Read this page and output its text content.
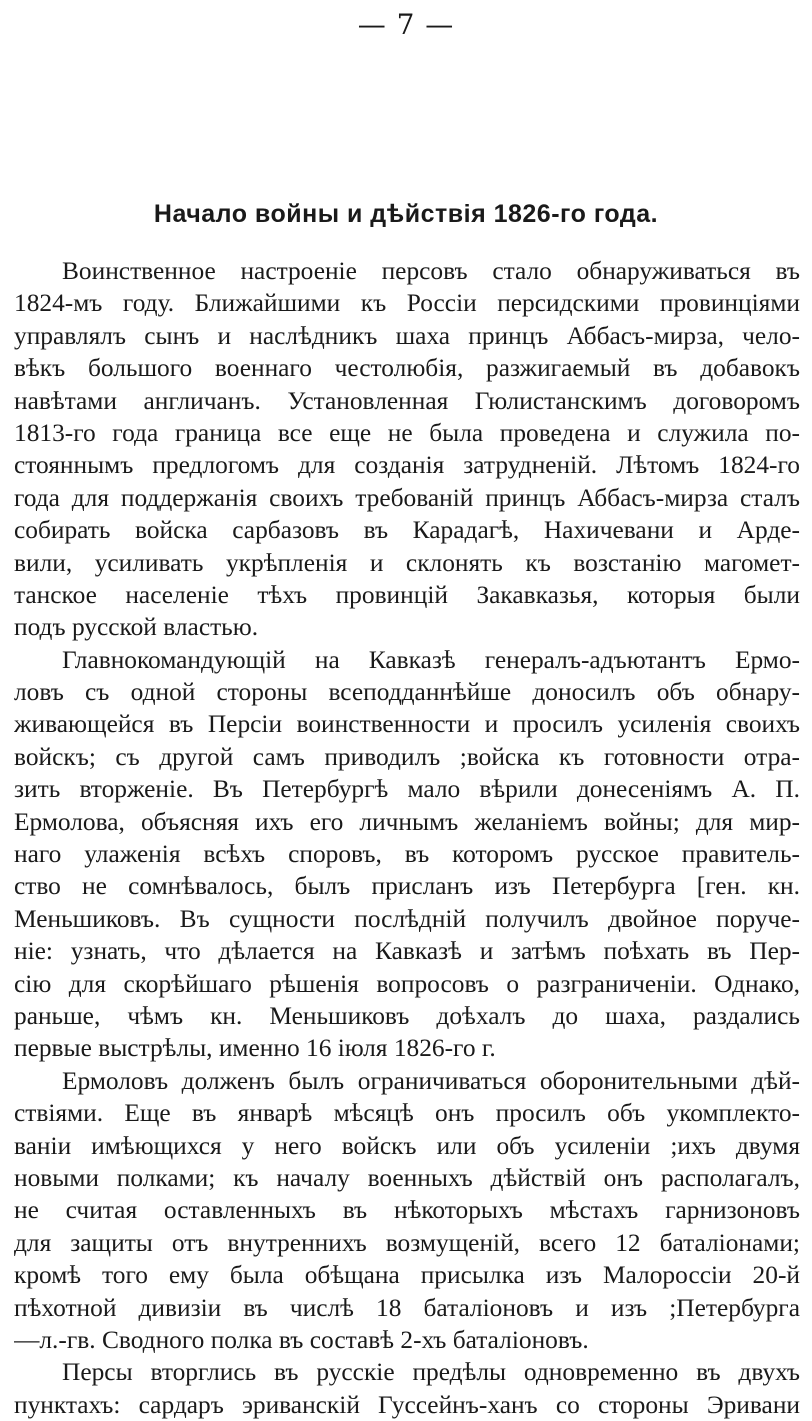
— 7 —
Начало войны и дѣйствія 1826-го года.
Воинственное настроеніе персовъ стало обнаруживаться въ
1824-мъ году. Ближайшими къ Россіи персидскими провинціями
управлялъ сынъ и наслѣдникъ шаха принцъ Аббасъ-мирза, чело-
вѣкъ большого военнаго честолюбія, разжигаемый въ добавокъ
навѣтами англичанъ. Установленная Гюлистанскимъ договоромъ
1813-го года граница все еще не была проведена и служила по-
стояннымъ предлогомъ для созданія затрудненій. Лѣтомъ 1824-го
года для поддержанія своихъ требованій принцъ Аббасъ-мирза сталъ
собирать войска сарбазовъ въ Карадагѣ, Нахичевани и Арде-
вили, усиливать укрѣпленія и склонять къ возстанію магомет-
танское населеніе тѣхъ провинцій Закавказья, которыя были
подъ русской властью.
Главнокомандующій на Кавказѣ генералъ-адъютантъ Ермо-
ловъ съ одной стороны всеподданнѣйше доносилъ объ обнару-
живающейся въ Персіи воинственности и просилъ усиленія своихъ
войскъ; съ другой самъ приводилъ ;войска къ готовности отра-
зить вторженіе. Въ Петербургѣ мало вѣрили донесеніямъ А. П.
Ермолова, объясняя ихъ его личнымъ желаніемъ войны; для мир-
наго улаженія всѣхъ споровъ, въ которомъ русское правитель-
ство не сомнѣвалось, былъ присланъ изъ Петербурга [ген. кн.
Меньшиковъ. Въ сущности послѣдній получилъ двойное поруче-
ніе: узнать, что дѣлается на Кавказѣ и затѣмъ поѣхать въ Пер-
сію для скорѣйшаго рѣшенія вопросовъ о разграниченіи. Однако,
раньше, чѣмъ кн. Меньшиковъ доѣхалъ до шаха, раздались
первые выстрѣлы, именно 16 іюля 1826-го г.
Ермоловъ долженъ былъ ограничиваться оборонительными дѣй-
ствіями. Еще въ январѣ мѣсяцѣ онъ просилъ объ укомплекто-
ваніи имѣющихся у него войскъ или объ усиленіи ;ихъ двумя
новыми полками; къ началу военныхъ дѣйствій онъ располагалъ,
не считая оставленныхъ въ нѣкоторыхъ мѣстахъ гарнизоновъ
для защиты отъ внутреннихъ возмущеній, всего 12 баталіонами;
кромѣ того ему была обѣщана присылка изъ Малороссіи 20-й
пѣхотной дивизіи въ числѣ 18 баталіоновъ и изъ ;Петербурга
—л.-гв. Сводного полка въ составѣ 2-хъ баталіоновъ.
Персы вторглись въ русскіе предѣлы одновременно въ двухъ
пунктахъ: сардаръ эриванскій Гуссейнъ-ханъ со стороны Эривани
